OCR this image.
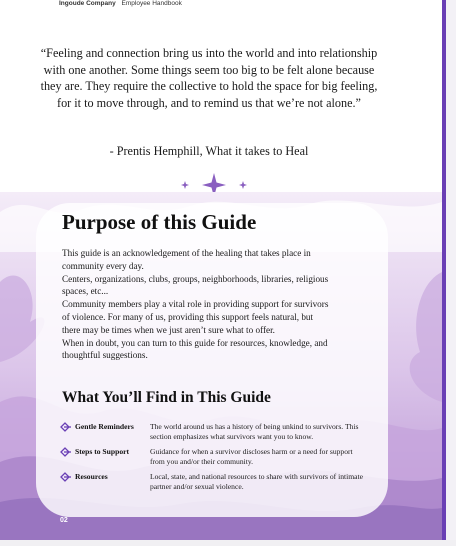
Ingoude Company Employee Handbook
“Feeling and connection bring us into the world and into relationship with one another. Some things seem too big to be felt alone because they are. They require the collective to hold the space for big feeling, for it to move through, and to remind us that we’re not alone.”
- Prentis Hemphill, What it takes to Heal
Purpose of this Guide

This guide is an acknowledgement of the healing that takes place in community every day.

Centers, organizations, clubs, groups, neighborhoods, libraries, religious spaces, etc...

Community members play a vital role in providing support for survivors of violence. For many of us, providing this support feels natural, but there may be times when we just aren’t sure what to offer.

When in doubt, you can turn to this guide for resources, knowledge, and thoughtful suggestions.

What You’ll Find in This Guide
Gentle Reminders	The world around us has a history of being unkind to survivors. This section emphasizes what survivors want you to know.
Steps to Support	Guidance for when a survivor discloses harm or a need for support from you and/or their community.
Resources	Local, state, and national resources to share with survivors of intimate partner and/or sexual violence.
02
